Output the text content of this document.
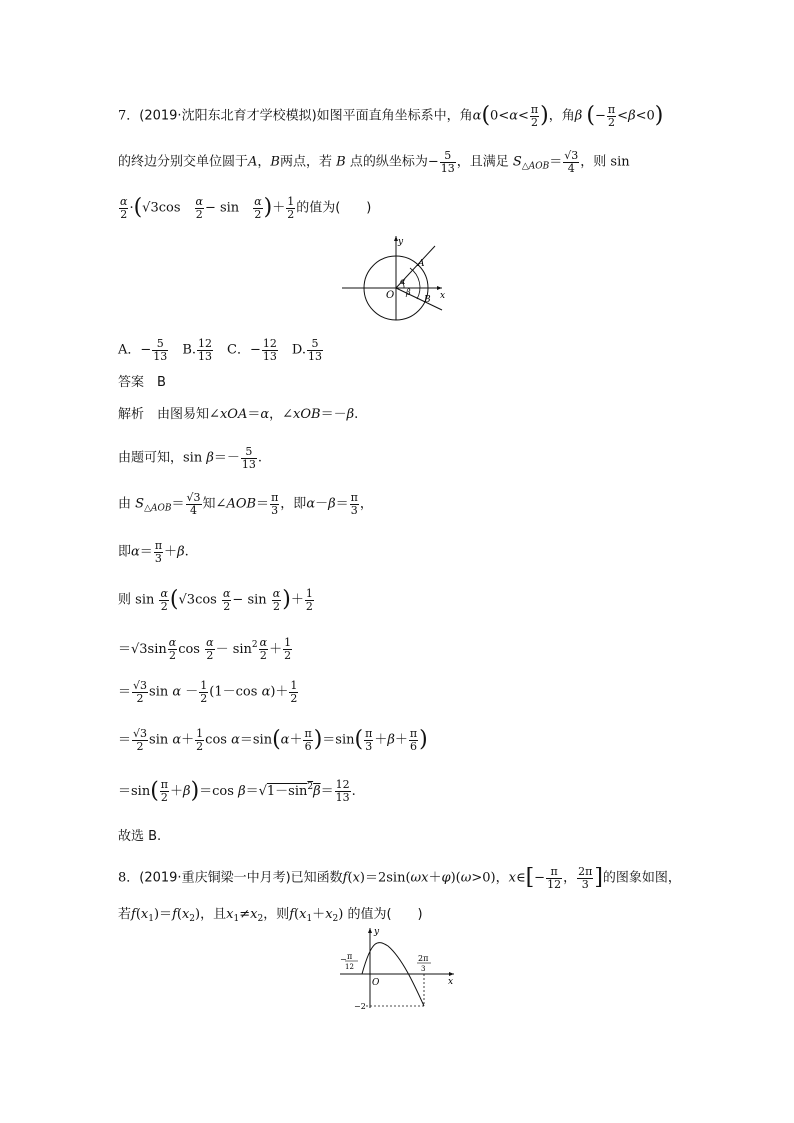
7．(2019·沈阳东北育才学校模拟)如图平面直角坐标系中，角$\alpha(0<\alpha< \frac{\pi}{2}$ )，角β (− $\frac{\pi}{2} <\beta<0$)
的终边分别交单位圆于A，B两点，若 B 点的纵坐标为− $\frac{5}{13}$ ，且满足 $S_{\triangle AOB}= \frac{√3}{4}$ ，则 sin
$\frac{\alpha}{2} \cdot(√3\cos$　 $\frac{\alpha}{2} - \sin$　 $\frac{\alpha}{2}$ )＋ $\frac{1}{2}$ 的值为(　　)
O
y
x
A
B
α
β
A．− $\frac{5}{13}$
　 B. $\frac{12}{13}$
　 C．− $\frac{12}{13}$
　 D. $\frac{5}{13}$
答案　 B
解析　 由图易知∠xOA＝α，∠xOB＝－β.
由题可知，$\sin \beta=- \frac{5}{13}$ .
由 $S_{\triangle AOB}= \frac{√3}{4}$ 知∠AOB＝ $\frac{\pi}{3}$ ，即$\alpha-\beta= \frac{\pi}{3}$ ，
即$\alpha= \frac{\pi}{3} +\beta$.
则 $\sin \frac{\alpha}{2} (√3\cos \frac{\alpha}{2} - \sin \frac{\alpha}{2}$ )＋ $\frac{1}{2}$
$=√3\sin \frac{\alpha}{2}$ $\cos \frac{\alpha}{2} - \sin^2 \frac{\alpha}{2} + \frac{1}{2}$
＝ $\frac{√3}{2}$ $\sin \alpha - \frac{1}{2} (1-\cos$ $\alpha)+ \frac{1}{2}$
＝ $\frac{√3}{2}$ $\sin \alpha+ \frac{1}{2}$ $\cos \alpha=\sin(\alpha+ \frac{\pi}{6} )=\sin( \frac{\pi}{3} +\beta+ \frac{\pi}{6}$ )
$=\sin( \frac{\pi}{2} +\beta)=\cos$ $\beta=√1-\sin^2\beta= \frac{12}{13}$ .
故选 B.
8．(2019·重庆铜梁一中月考)已知函数f(x)＝2sin(ωx＋φ)(ω>0)，x∈[− $\frac{\pi}{12}$ ， $\frac{2\pi}{3}$ ]的图象如图，
若$f(x_1)=f(x_2)$，且$x_1\ne x_2$，则$f(x_1+x_2)$ 的值为(　　)
y
x
O
− π
12
2π
3
−2
